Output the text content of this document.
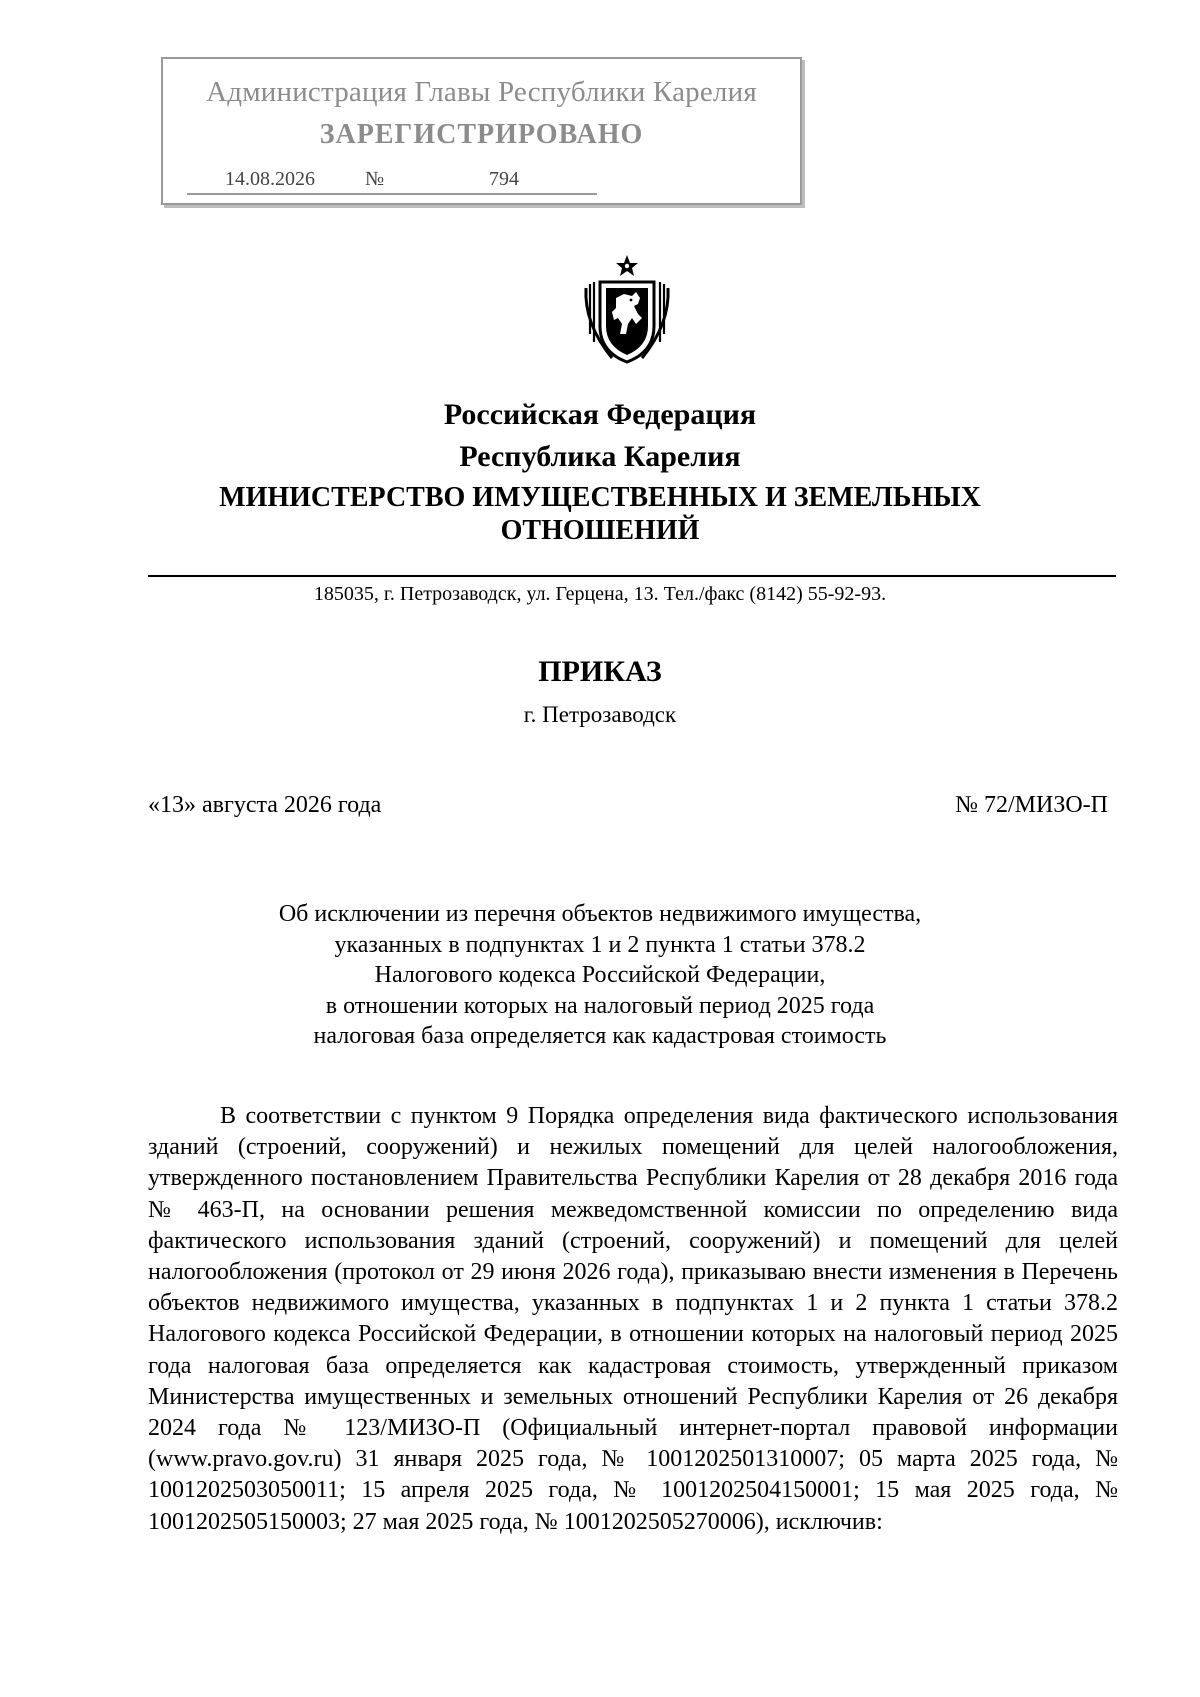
Администрация Главы Республики Карелия
ЗАРЕГИСТРИРОВАНО
14.08.2026	№	794
Российская Федерация
Республика Карелия
МИНИСТЕРСТВО ИМУЩЕСТВЕННЫХ И ЗЕМЕЛЬНЫХ
ОТНОШЕНИЙ
185035, г. Петрозаводск, ул. Герцена, 13. Тел./факс (8142) 55-92-93.
ПРИКАЗ
г. Петрозаводск
«13» августа 2026 года	№ 72/МИЗО-П
Об исключении из перечня объектов недвижимого имущества,
указанных в подпунктах 1 и 2 пункта 1 статьи 378.2
Налогового кодекса Российской Федерации,
в отношении которых на налоговый период 2025 года
налоговая база определяется как кадастровая стоимость

В соответствии с пунктом 9 Порядка определения вида фактического использования зданий (строений, сооружений) и нежилых помещений для целей налогообложения, утвержденного постановлением Правительства Республики Карелия от 28 декабря 2016 года № 463-П, на основании решения межведомственной комиссии по определению вида фактического использования зданий (строений, сооружений) и помещений для целей налогообложения (протокол от 29 июня 2026 года), приказываю внести изменения в Перечень объектов недвижимого имущества, указанных в подпунктах 1 и 2 пункта 1 статьи 378.2 Налогового кодекса Российской Федерации, в отношении которых на налоговый период 2025 года налоговая база определяется как кадастровая стоимость, утвержденный приказом Министерства имущественных и земельных отношений Республики Карелия от 26 декабря 2024 года № 123/МИЗО-П (Официальный интернет-портал правовой информации (www.pravo.gov.ru) 31 января 2025 года, № 1001202501310007; 05 марта 2025 года, № 1001202503050011; 15 апреля 2025 года, № 1001202504150001; 15 мая 2025 года, № 1001202505150003; 27 мая 2025 года, № 1001202505270006), исключив:
